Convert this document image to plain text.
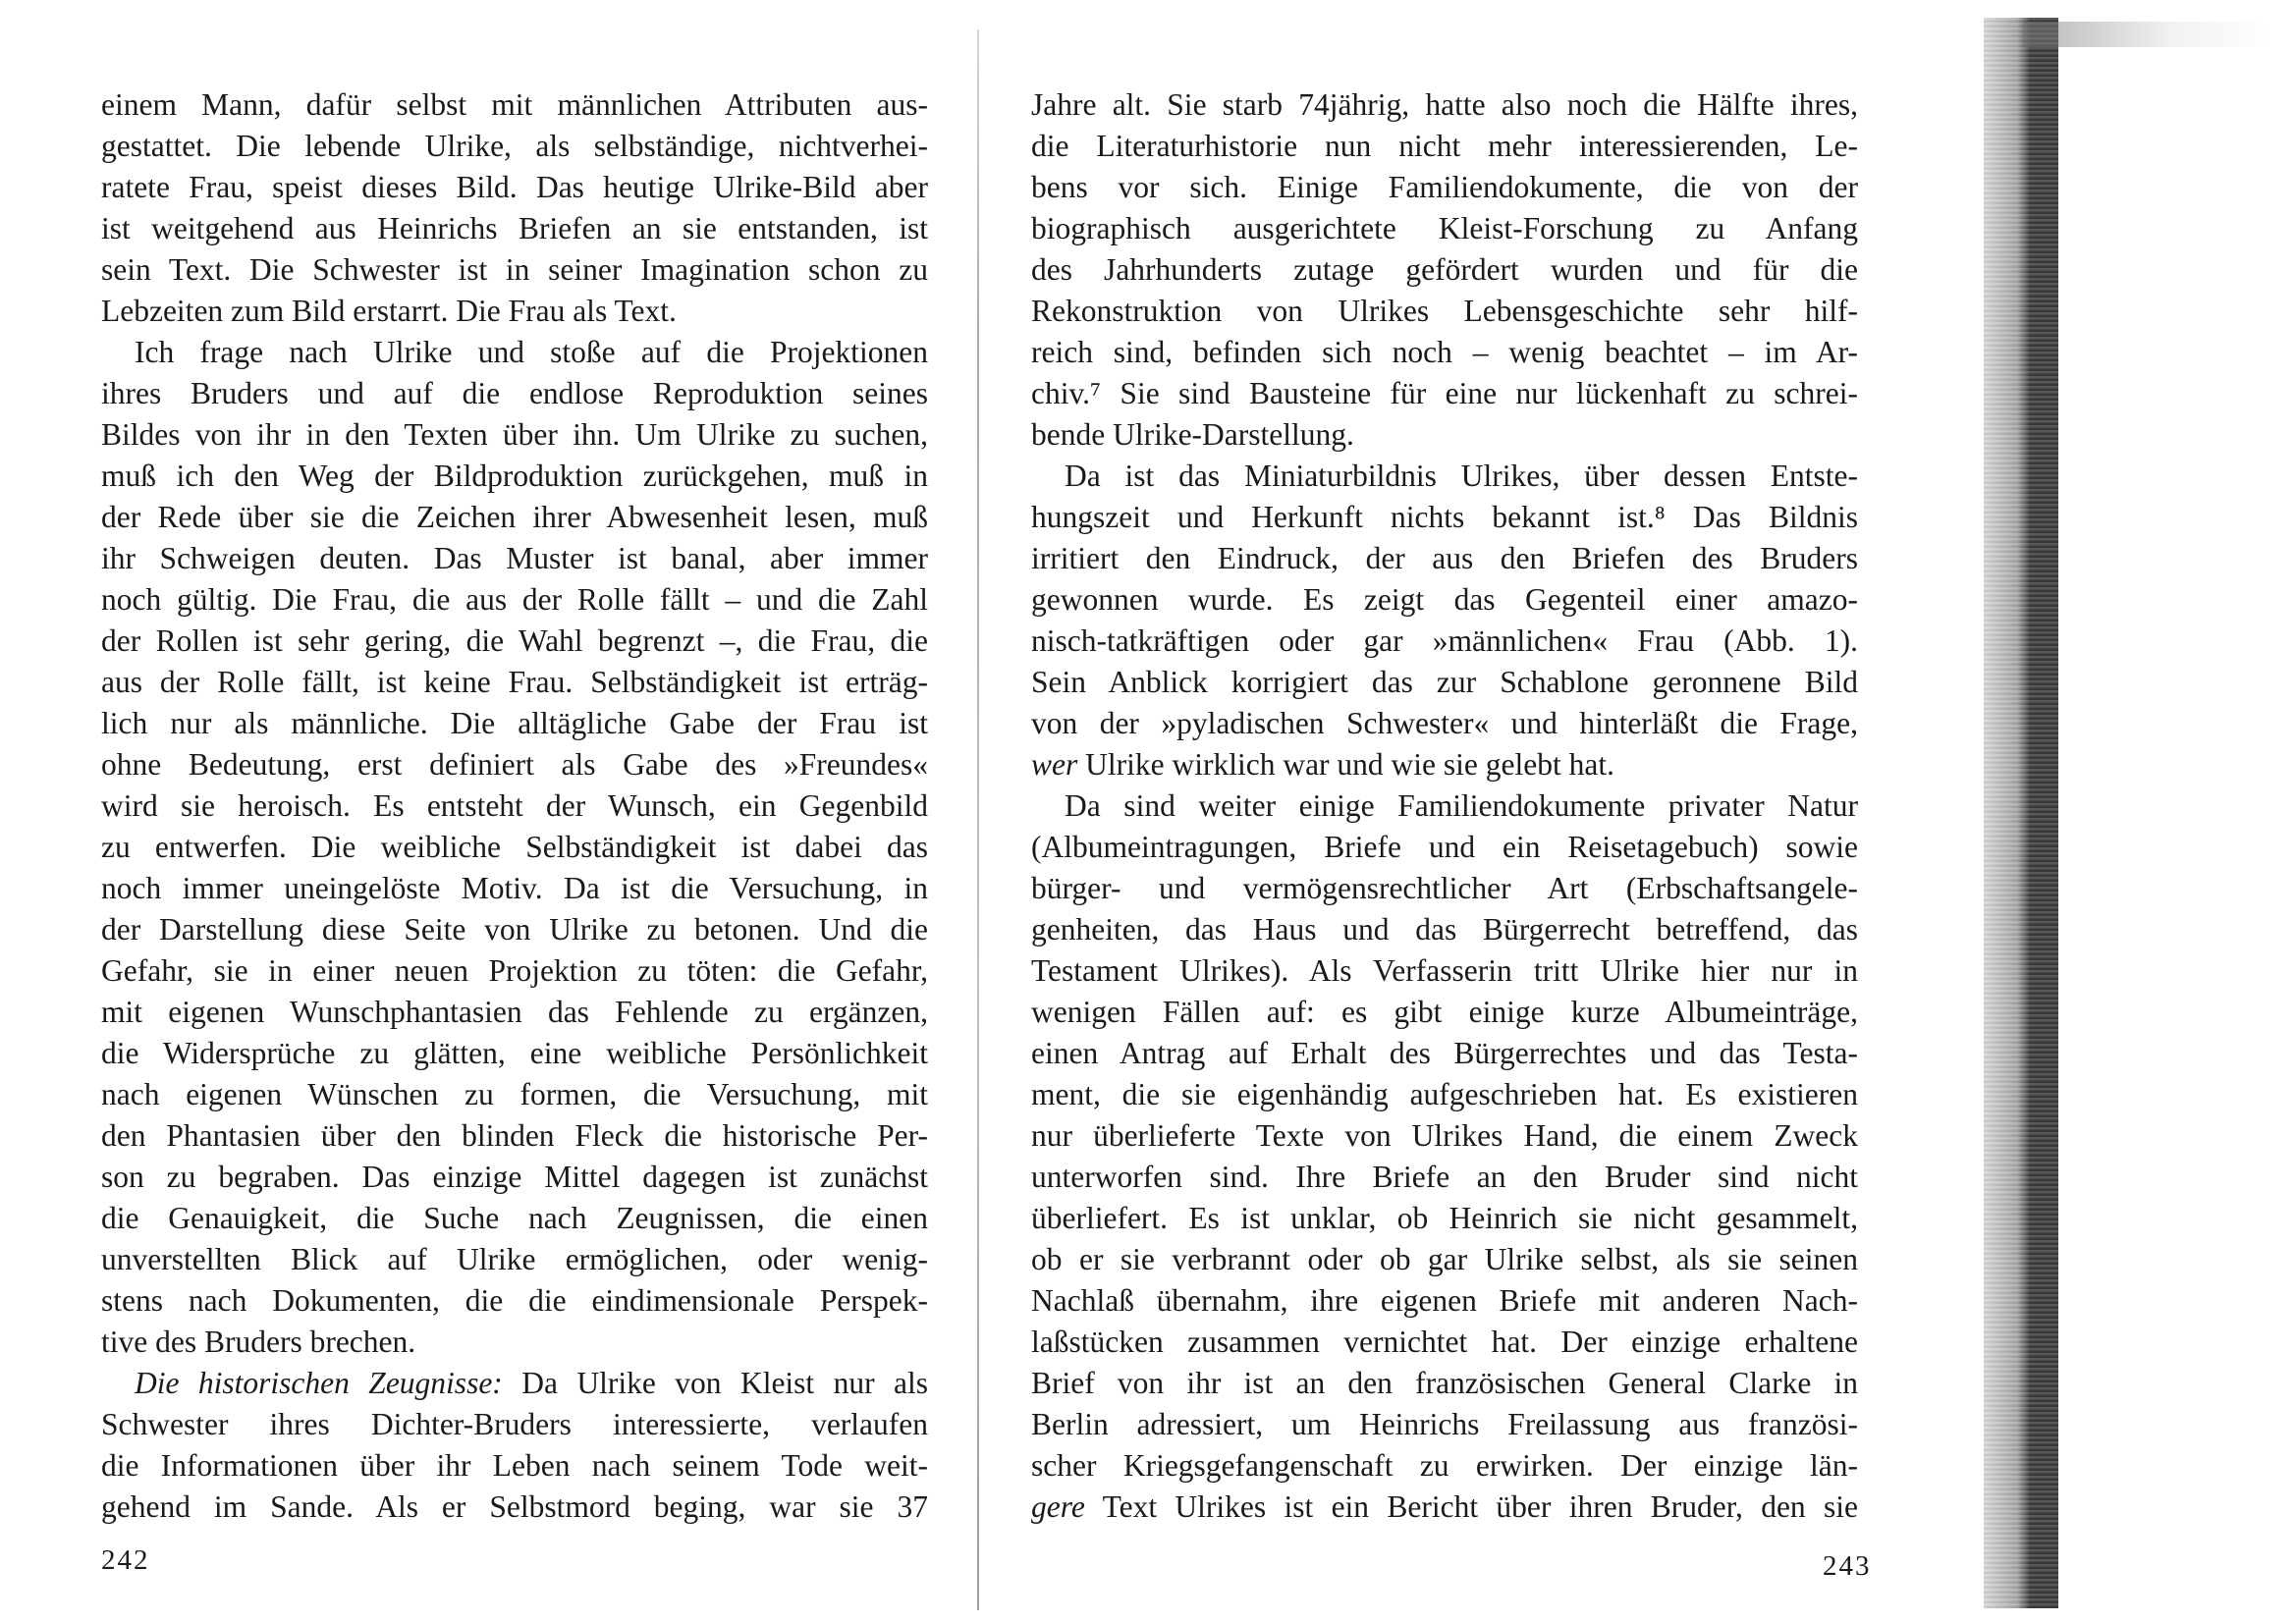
einem Mann, dafür selbst mit männlichen Attributen aus-
gestattet. Die lebende Ulrike, als selbständige, nichtverhei-
ratete Frau, speist dieses Bild. Das heutige Ulrike-Bild aber
ist weitgehend aus Heinrichs Briefen an sie entstanden, ist
sein Text. Die Schwester ist in seiner Imagination schon zu
Lebzeiten zum Bild erstarrt. Die Frau als Text.
Ich frage nach Ulrike und stoße auf die Projektionen
ihres Bruders und auf die endlose Reproduktion seines
Bildes von ihr in den Texten über ihn. Um Ulrike zu suchen,
muß ich den Weg der Bildproduktion zurückgehen, muß in
der Rede über sie die Zeichen ihrer Abwesenheit lesen, muß
ihr Schweigen deuten. Das Muster ist banal, aber immer
noch gültig. Die Frau, die aus der Rolle fällt – und die Zahl
der Rollen ist sehr gering, die Wahl begrenzt –, die Frau, die
aus der Rolle fällt, ist keine Frau. Selbständigkeit ist erträg-
lich nur als männliche. Die alltägliche Gabe der Frau ist
ohne Bedeutung, erst definiert als Gabe des »Freundes«
wird sie heroisch. Es entsteht der Wunsch, ein Gegenbild
zu entwerfen. Die weibliche Selbständigkeit ist dabei das
noch immer uneingelöste Motiv. Da ist die Versuchung, in
der Darstellung diese Seite von Ulrike zu betonen. Und die
Gefahr, sie in einer neuen Projektion zu töten: die Gefahr,
mit eigenen Wunschphantasien das Fehlende zu ergänzen,
die Widersprüche zu glätten, eine weibliche Persönlichkeit
nach eigenen Wünschen zu formen, die Versuchung, mit
den Phantasien über den blinden Fleck die historische Per-
son zu begraben. Das einzige Mittel dagegen ist zunächst
die Genauigkeit, die Suche nach Zeugnissen, die einen
unverstellten Blick auf Ulrike ermöglichen, oder wenig-
stens nach Dokumenten, die die eindimensionale Perspek-
tive des Bruders brechen.
Die historischen Zeugnisse: Da Ulrike von Kleist nur als
Schwester ihres Dichter-Bruders interessierte, verlaufen
die Informationen über ihr Leben nach seinem Tode weit-
gehend im Sande. Als er Selbstmord beging, war sie 37
242
Jahre alt. Sie starb 74jährig, hatte also noch die Hälfte ihres,
die Literaturhistorie nun nicht mehr interessierenden, Le-
bens vor sich. Einige Familiendokumente, die von der
biographisch ausgerichtete Kleist-Forschung zu Anfang
des Jahrhunderts zutage gefördert wurden und für die
Rekonstruktion von Ulrikes Lebensgeschichte sehr hilf-
reich sind, befinden sich noch – wenig beachtet – im Ar-
chiv.⁷ Sie sind Bausteine für eine nur lückenhaft zu schrei-
bende Ulrike-Darstellung.
Da ist das Miniaturbildnis Ulrikes, über dessen Entste-
hungszeit und Herkunft nichts bekannt ist.⁸ Das Bildnis
irritiert den Eindruck, der aus den Briefen des Bruders
gewonnen wurde. Es zeigt das Gegenteil einer amazo-
nisch-tatkräftigen oder gar »männlichen« Frau (Abb. 1).
Sein Anblick korrigiert das zur Schablone geronnene Bild
von der »pyladischen Schwester« und hinterläßt die Frage,
wer Ulrike wirklich war und wie sie gelebt hat.
Da sind weiter einige Familiendokumente privater Natur
(Albumeintragungen, Briefe und ein Reisetagebuch) sowie
bürger- und vermögensrechtlicher Art (Erbschaftsangele-
genheiten, das Haus und das Bürgerrecht betreffend, das
Testament Ulrikes). Als Verfasserin tritt Ulrike hier nur in
wenigen Fällen auf: es gibt einige kurze Albumeinträge,
einen Antrag auf Erhalt des Bürgerrechtes und das Testa-
ment, die sie eigenhändig aufgeschrieben hat. Es existieren
nur überlieferte Texte von Ulrikes Hand, die einem Zweck
unterworfen sind. Ihre Briefe an den Bruder sind nicht
überliefert. Es ist unklar, ob Heinrich sie nicht gesammelt,
ob er sie verbrannt oder ob gar Ulrike selbst, als sie seinen
Nachlaß übernahm, ihre eigenen Briefe mit anderen Nach-
laßstücken zusammen vernichtet hat. Der einzige erhaltene
Brief von ihr ist an den französischen General Clarke in
Berlin adressiert, um Heinrichs Freilassung aus französi-
scher Kriegsgefangenschaft zu erwirken. Der einzige län-
gere Text Ulrikes ist ein Bericht über ihren Bruder, den sie
243
